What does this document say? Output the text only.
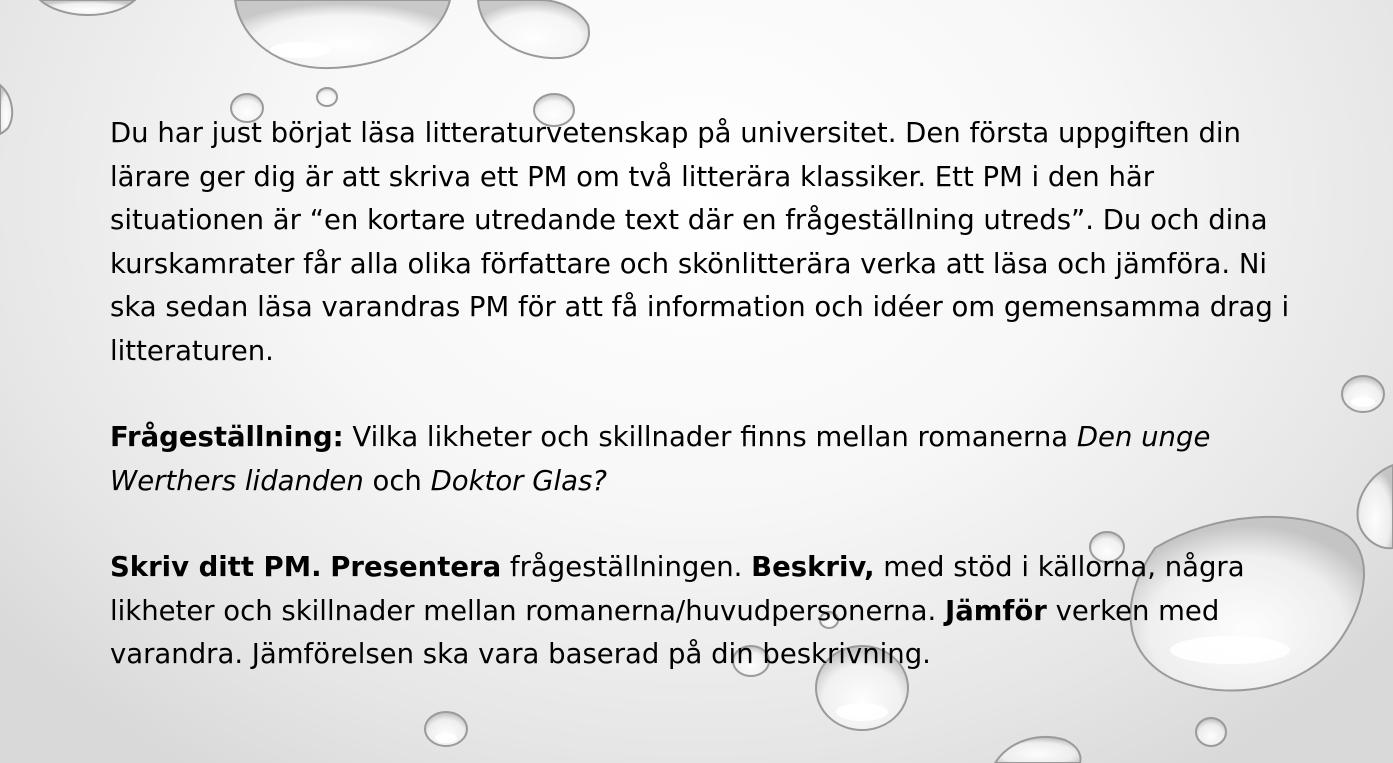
Du har just börjat läsa litteraturvetenskap på universitet. Den första uppgiften din lärare ger dig är att skriva ett PM om två litterära klassiker. Ett PM i den här situationen är “en kortare utredande text där en frågeställning utreds”. Du och dina kurskamrater får alla olika författare och skönlitterära verka att läsa och jämföra. Ni ska sedan läsa varandras PM för att få information och idéer om gemensamma drag i litteraturen.

Frågeställning: Vilka likheter och skillnader finns mellan romanerna Den unge Werthers lidanden och Doktor Glas?

Skriv ditt PM. Presentera frågeställningen. Beskriv, med stöd i källorna, några likheter och skillnader mellan romanerna/huvudpersonerna. Jämför verken med varandra. Jämförelsen ska vara baserad på din beskrivning.
